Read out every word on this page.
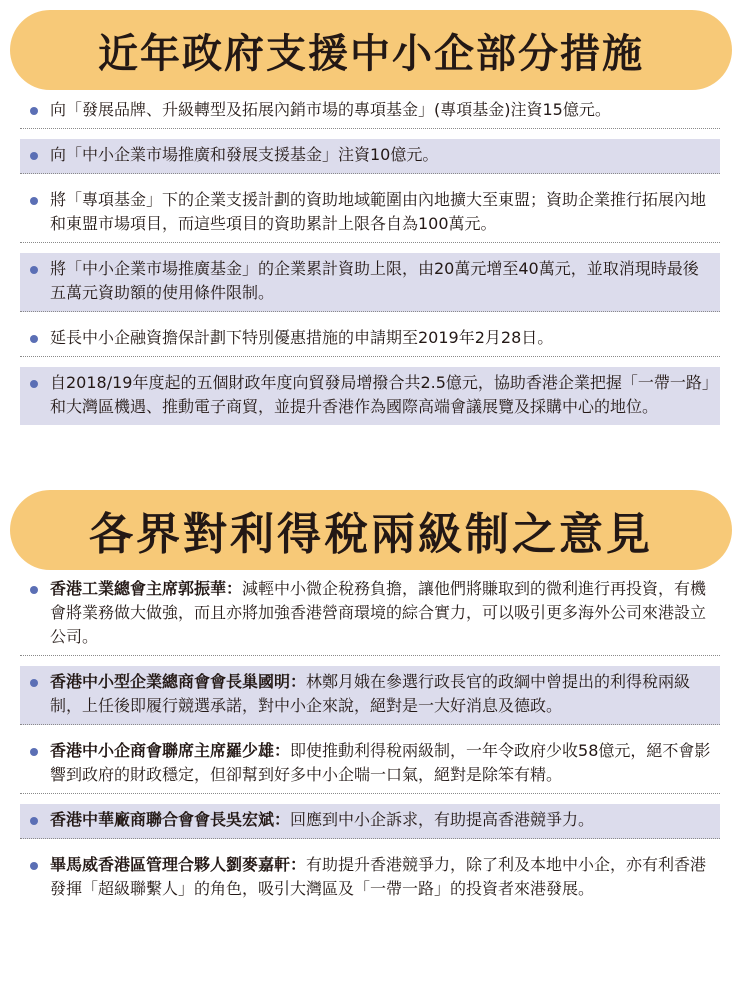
近年政府支援中小企部分措施
向「發展品牌、升級轉型及拓展內銷市場的專項基金」(專項基金)注資15億元。
向「中小企業市場推廣和發展支援基金」注資10億元。
將「專項基金」下的企業支援計劃的資助地域範圍由內地擴大至東盟；資助企業推行拓展內地和東盟市場項目，而這些項目的資助累計上限各自為100萬元。
將「中小企業市場推廣基金」的企業累計資助上限，由20萬元增至40萬元，並取消現時最後五萬元資助額的使用條件限制。
延長中小企融資擔保計劃下特別優惠措施的申請期至2019年2月28日。
自2018/19年度起的五個財政年度向貿發局增撥合共2.5億元，協助香港企業把握「一帶一路」和大灣區機遇、推動電子商貿，並提升香港作為國際高端會議展覽及採購中心的地位。
各界對利得稅兩級制之意見
香港工業總會主席郭振華：減輕中小微企稅務負擔，讓他們將賺取到的微利進行再投資，有機會將業務做大做強，而且亦將加強香港營商環境的綜合實力，可以吸引更多海外公司來港設立公司。
香港中小型企業總商會會長巢國明：林鄭月娥在參選行政長官的政綱中曾提出的利得稅兩級制，上任後即履行競選承諾，對中小企來說，絕對是一大好消息及德政。
香港中小企商會聯席主席羅少雄：即使推動利得稅兩級制，一年令政府少收58億元，絕不會影響到政府的財政穩定，但卻幫到好多中小企喘一口氣，絕對是除笨有精。
香港中華廠商聯合會會長吳宏斌：回應到中小企訴求，有助提高香港競爭力。
畢馬威香港區管理合夥人劉麥嘉軒：有助提升香港競爭力，除了利及本地中小企，亦有利香港發揮「超級聯繫人」的角色，吸引大灣區及「一帶一路」的投資者來港發展。
